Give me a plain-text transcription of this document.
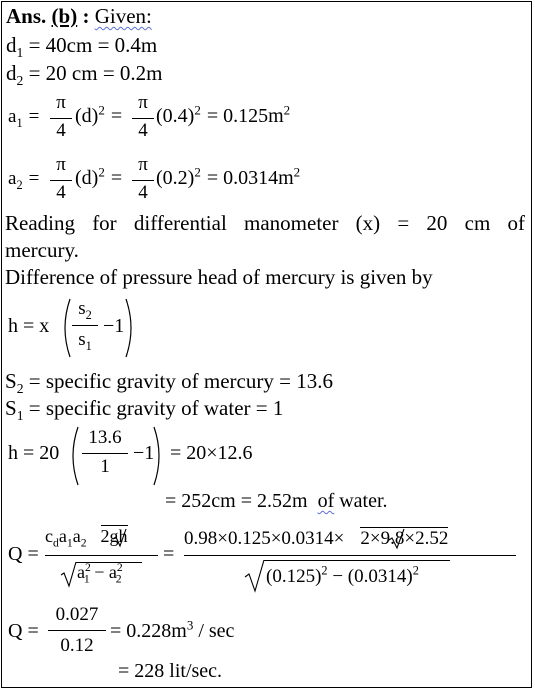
Ans. (b) : Given:
$d_1 = 40cm = 0.4m$
$d_2 = 20$ cm = 0.2m
$a_1$ =
π
4
$(d)^2$ =
π
4
$(0.4)^2 = 0.125m^2$
$a_2$ =
π
4
$(d)^2$ =
π
4
$(0.2)^2 = 0.0314m^2$
Reading for differential manometer (x) = 20 cm of
mercury.
Difference of pressure head of mercury is given by
h = x
$s_2$
$s_1$
−1
$S_2$ = specific gravity of mercury = 13.6
$S_1$ = specific gravity of water = 1
h = 20
13.6
1
−1 = 20×12.6
= 252cm = 2.52m of water.
Q =
$c_da_1a_2$ 2gh
$a^2_1 - a^2_2$
=
0.98×0.125×0.0314× 2×9.8×2.52
$(0.125)^2 - (0.0314)^2$
Q =
0.027
0.12
= $0.228m^3$ / sec
= 228 lit/sec.
